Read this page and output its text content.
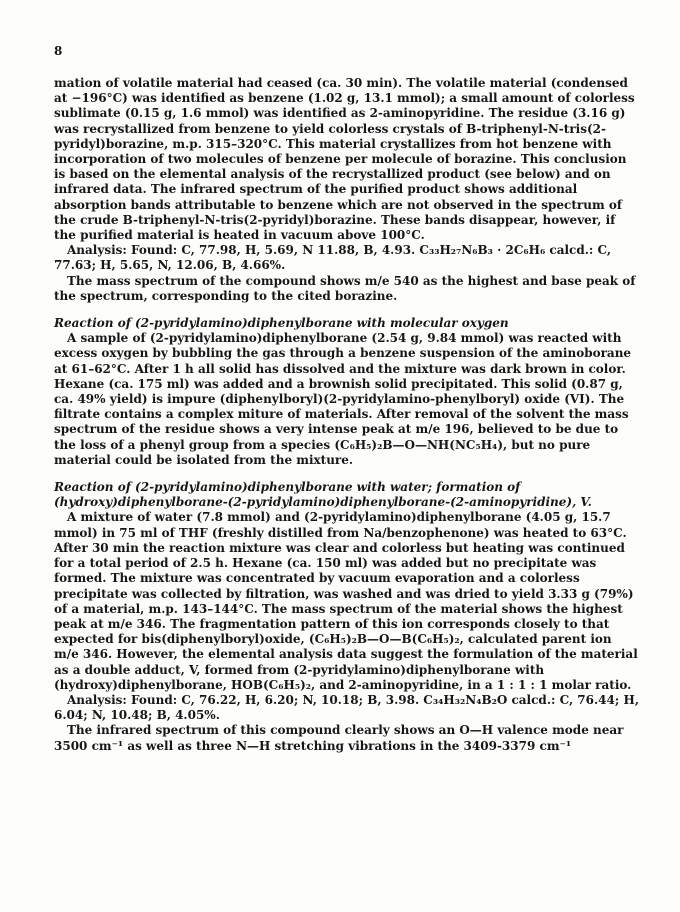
8

mation of volatile material had ceased (ca. 30 min). The volatile material (condensed at −196°C) was identified as benzene (1.02 g, 13.1 mmol); a small amount of colorless sublimate (0.15 g, 1.6 mmol) was identified as 2-aminopyridine. The residue (3.16 g) was recrystallized from benzene to yield colorless crystals of B-triphenyl-N-tris(2-pyridyl)borazine, m.p. 315–320°C. This material crystallizes from hot benzene with incorporation of two molecules of benzene per molecule of borazine. This conclusion is based on the elemental analysis of the recrystallized product (see below) and on infrared data. The infrared spectrum of the purified product shows additional absorption bands attributable to benzene which are not observed in the spectrum of the crude B-triphenyl-N-tris(2-pyridyl)borazine. These bands disappear, however, if the purified material is heated in vacuum above 100°C.

Analysis: Found: C, 77.98, H, 5.69, N 11.88, B, 4.93. C₃₃H₂₇N₆B₃ · 2C₆H₆ calcd.: C, 77.63; H, 5.65, N, 12.06, B, 4.66%.

The mass spectrum of the compound shows m/e 540 as the highest and base peak of the spectrum, corresponding to the cited borazine.

Reaction of (2-pyridylamino)diphenylborane with molecular oxygen

A sample of (2-pyridylamino)diphenylborane (2.54 g, 9.84 mmol) was reacted with excess oxygen by bubbling the gas through a benzene suspension of the aminoborane at 61–62°C. After 1 h all solid has dissolved and the mixture was dark brown in color. Hexane (ca. 175 ml) was added and a brownish solid precipitated. This solid (0.87 g, ca. 49% yield) is impure (diphenylboryl)(2-pyridylamino-phenylboryl) oxide (VI). The filtrate contains a complex miture of materials. After removal of the solvent the mass spectrum of the residue shows a very intense peak at m/e 196, believed to be due to the loss of a phenyl group from a species (C₆H₅)₂B—O—NH(NC₅H₄), but no pure material could be isolated from the mixture.

Reaction of (2-pyridylamino)diphenylborane with water; formation of (hydroxy)diphenylborane-(2-pyridylamino)diphenylborane-(2-aminopyridine), V.

A mixture of water (7.8 mmol) and (2-pyridylamino)diphenylborane (4.05 g, 15.7 mmol) in 75 ml of THF (freshly distilled from Na/benzophenone) was heated to 63°C. After 30 min the reaction mixture was clear and colorless but heating was continued for a total period of 2.5 h. Hexane (ca. 150 ml) was added but no precipitate was formed. The mixture was concentrated by vacuum evaporation and a colorless precipitate was collected by filtration, was washed and was dried to yield 3.33 g (79%) of a material, m.p. 143–144°C. The mass spectrum of the material shows the highest peak at m/e 346. The fragmentation pattern of this ion corresponds closely to that expected for bis(diphenylboryl)oxide, (C₆H₅)₂B—O—B(C₆H₅)₂, calculated parent ion m/e 346. However, the elemental analysis data suggest the formulation of the material as a double adduct, V, formed from (2-pyridylamino)diphenylborane with (hydroxy)diphenylborane, HOB(C₆H₅)₂, and 2-aminopyridine, in a 1 : 1 : 1 molar ratio.

Analysis: Found: C, 76.22, H, 6.20; N, 10.18; B, 3.98. C₃₄H₃₂N₄B₂O calcd.: C, 76.44; H, 6.04; N, 10.48; B, 4.05%.

The infrared spectrum of this compound clearly shows an O—H valence mode near 3500 cm⁻¹ as well as three N—H stretching vibrations in the 3409-3379 cm⁻¹
